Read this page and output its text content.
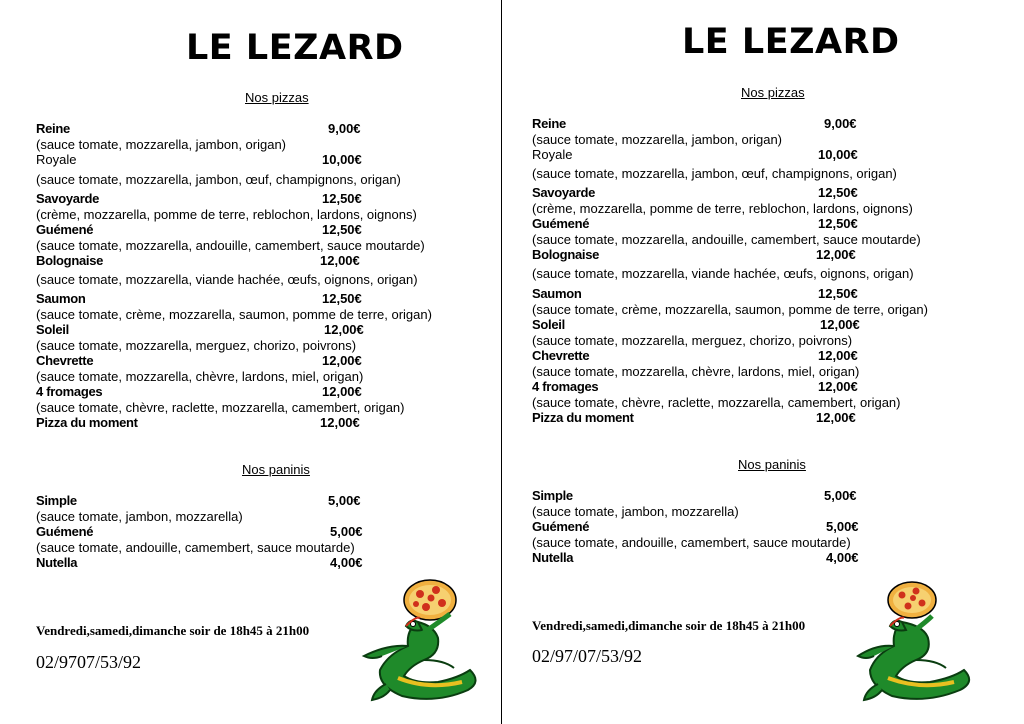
LE LEZARD
Nos pizzas
Reine	9,00€
(sauce tomate, mozzarella, jambon, origan)
Royale	10,00€
(sauce tomate, mozzarella, jambon, œuf, champignons, origan)
Savoyarde	12,50€
(crème, mozzarella, pomme de terre, reblochon, lardons, oignons)
Guémené	12,50€
(sauce tomate, mozzarella, andouille, camembert, sauce moutarde)
Bolognaise	12,00€
(sauce tomate, mozzarella, viande hachée, œufs, oignons, origan)
Saumon	12,50€
(sauce tomate, crème, mozzarella, saumon, pomme de terre, origan)
Soleil	12,00€
(sauce tomate, mozzarella, merguez, chorizo, poivrons)
Chevrette	12,00€
(sauce tomate, mozzarella, chèvre, lardons, miel, origan)
4 fromages	12,00€
(sauce tomate, chèvre, raclette, mozzarella, camembert, origan)
Pizza du moment	12,00€
Nos paninis
Simple	5,00€
(sauce tomate, jambon, mozzarella)
Guémené	5,00€
(sauce tomate, andouille, camembert, sauce moutarde)
Nutella	4,00€
Vendredi,samedi,dimanche soir de 18h45 à 21h00
02/9707/53/92
LE LEZARD
Nos pizzas
Reine	9,00€
(sauce tomate, mozzarella, jambon, origan)
Royale	10,00€
(sauce tomate, mozzarella, jambon, œuf, champignons, origan)
Savoyarde	12,50€
(crème, mozzarella, pomme de terre, reblochon, lardons, oignons)
Guémené	12,50€
(sauce tomate, mozzarella, andouille, camembert, sauce moutarde)
Bolognaise	12,00€
(sauce tomate, mozzarella, viande hachée, œufs, oignons, origan)
Saumon	12,50€
(sauce tomate, crème, mozzarella, saumon, pomme de terre, origan)
Soleil	12,00€
(sauce tomate, mozzarella, merguez, chorizo, poivrons)
Chevrette	12,00€
(sauce tomate, mozzarella, chèvre, lardons, miel, origan)
4 fromages	12,00€
(sauce tomate, chèvre, raclette, mozzarella, camembert, origan)
Pizza du moment	12,00€
Nos paninis
Simple	5,00€
(sauce tomate, jambon, mozzarella)
Guémené	5,00€
(sauce tomate, andouille, camembert, sauce moutarde)
Nutella	4,00€
Vendredi,samedi,dimanche soir de 18h45 à 21h00
02/97/07/53/92
